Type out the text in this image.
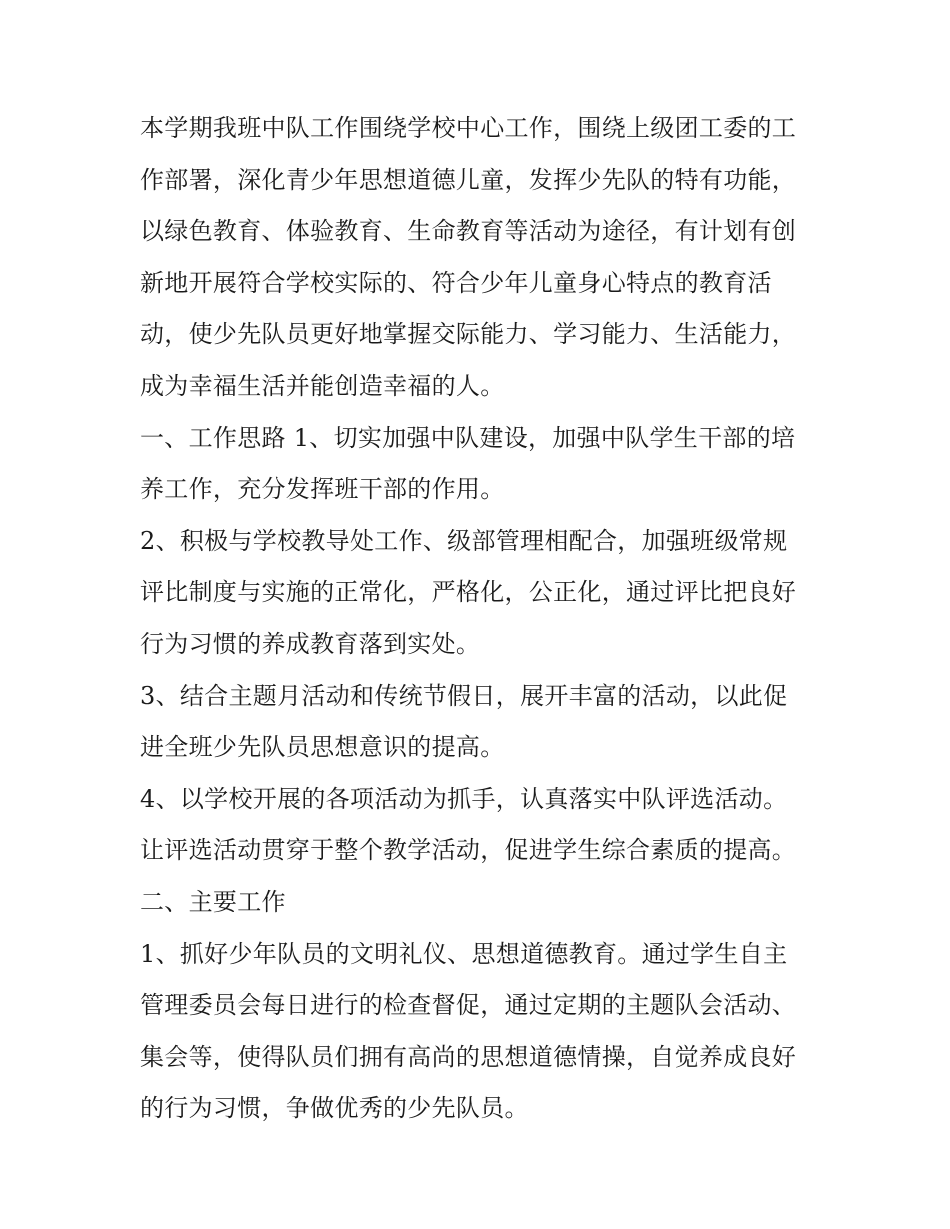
本学期我班中队工作围绕学校中心工作，围绕上级团工委的工
作部署，深化青少年思想道德儿童，发挥少先队的特有功能，
以绿色教育、体验教育、生命教育等活动为途径，有计划有创
新地开展符合学校实际的、符合少年儿童身心特点的教育活
动，使少先队员更好地掌握交际能力、学习能力、生活能力，
成为幸福生活并能创造幸福的人。

一、工作思路 1、切实加强中队建设，加强中队学生干部的培
养工作，充分发挥班干部的作用。

2、积极与学校教导处工作、级部管理相配合，加强班级常规
评比制度与实施的正常化，严格化，公正化，通过评比把良好
行为习惯的养成教育落到实处。

3、结合主题月活动和传统节假日，展开丰富的活动，以此促
进全班少先队员思想意识的提高。

4、以学校开展的各项活动为抓手，认真落实中队评选活动。
让评选活动贯穿于整个教学活动，促进学生综合素质的提高。

二、主要工作

1、抓好少年队员的文明礼仪、思想道德教育。通过学生自主
管理委员会每日进行的检查督促，通过定期的主题队会活动、
集会等，使得队员们拥有高尚的思想道德情操，自觉养成良好
的行为习惯，争做优秀的少先队员。
